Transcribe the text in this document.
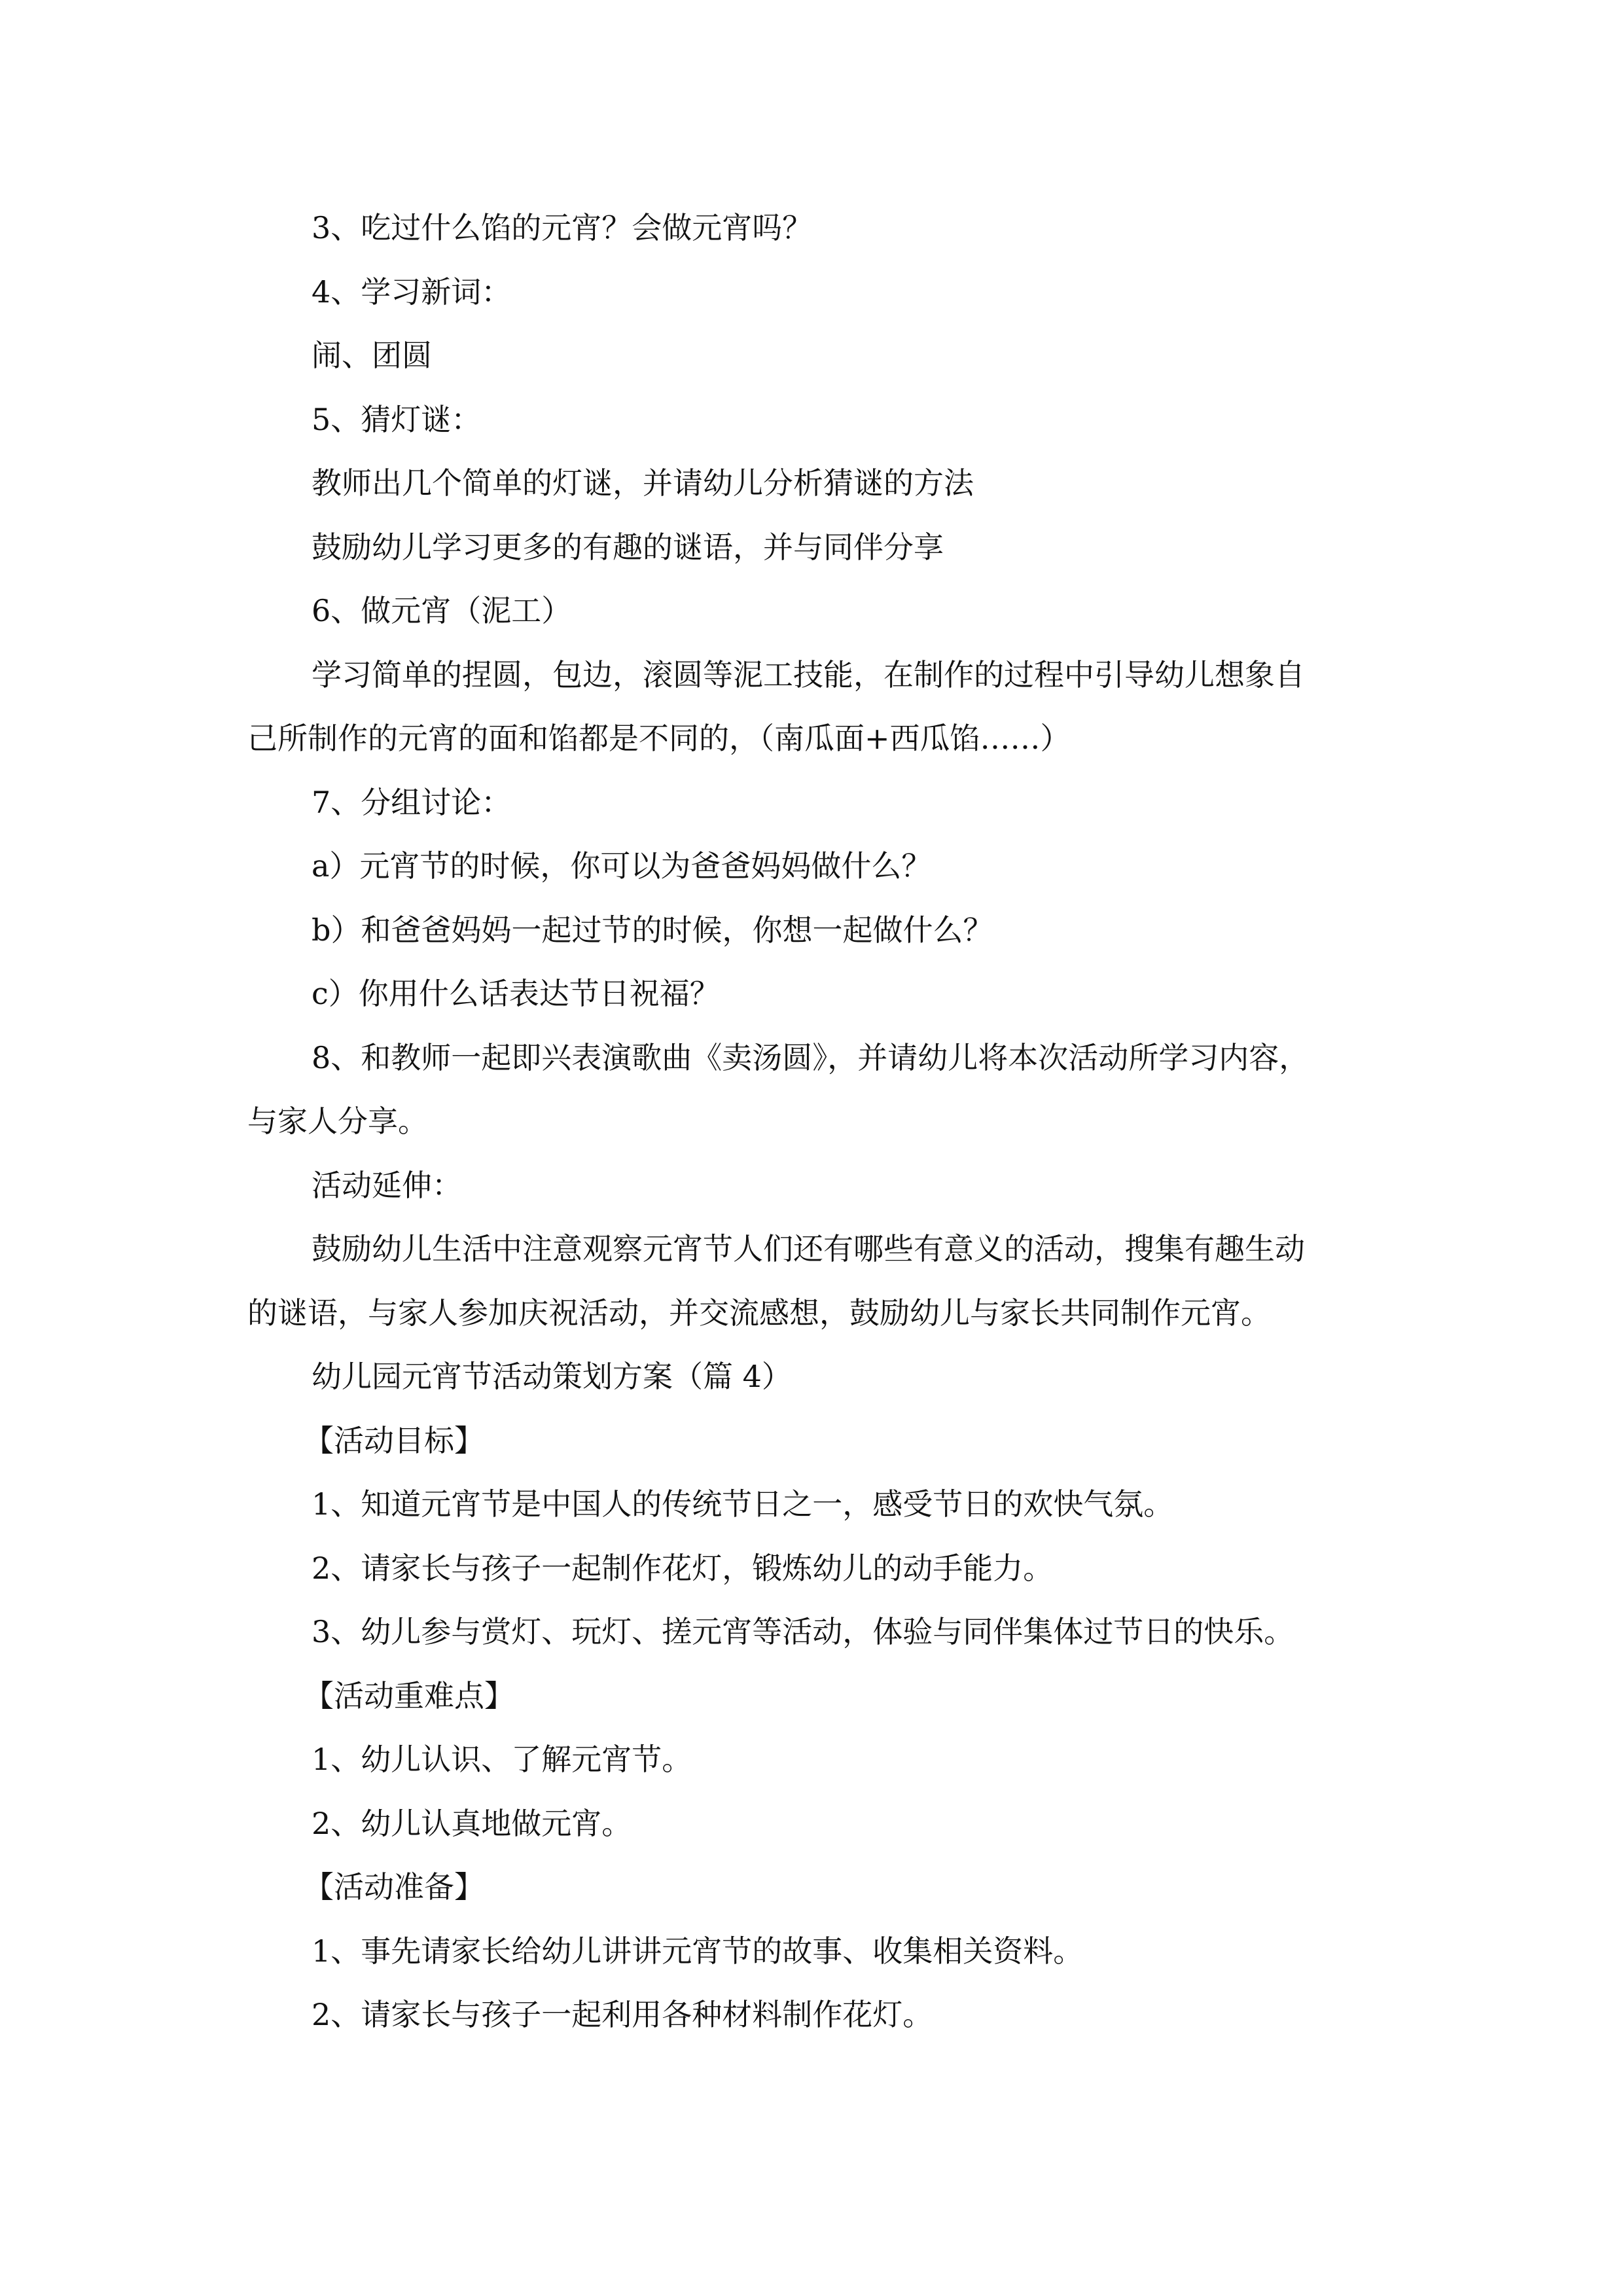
3、吃过什么馅的元宵？会做元宵吗？
4、学习新词：
闹、团圆
5、猜灯谜：
教师出几个简单的灯谜，并请幼儿分析猜谜的方法
鼓励幼儿学习更多的有趣的谜语，并与同伴分享
6、做元宵（泥工）
学习简单的捏圆，包边，滚圆等泥工技能，在制作的过程中引导幼儿想象自
己所制作的元宵的面和馅都是不同的，（南瓜面+西瓜馅……）
7、分组讨论：
a）元宵节的时候，你可以为爸爸妈妈做什么？
b）和爸爸妈妈一起过节的时候，你想一起做什么？
c）你用什么话表达节日祝福？
8、和教师一起即兴表演歌曲《卖汤圆》，并请幼儿将本次活动所学习内容，
与家人分享。
活动延伸：
鼓励幼儿生活中注意观察元宵节人们还有哪些有意义的活动，搜集有趣生动
的谜语，与家人参加庆祝活动，并交流感想，鼓励幼儿与家长共同制作元宵。
幼儿园元宵节活动策划方案（篇 4）
【活动目标】
1、知道元宵节是中国人的传统节日之一，感受节日的欢快气氛。
2、请家长与孩子一起制作花灯，锻炼幼儿的动手能力。
3、幼儿参与赏灯、玩灯、搓元宵等活动，体验与同伴集体过节日的快乐。
【活动重难点】
1、幼儿认识、了解元宵节。
2、幼儿认真地做元宵。
【活动准备】
1、事先请家长给幼儿讲讲元宵节的故事、收集相关资料。
2、请家长与孩子一起利用各种材料制作花灯。
